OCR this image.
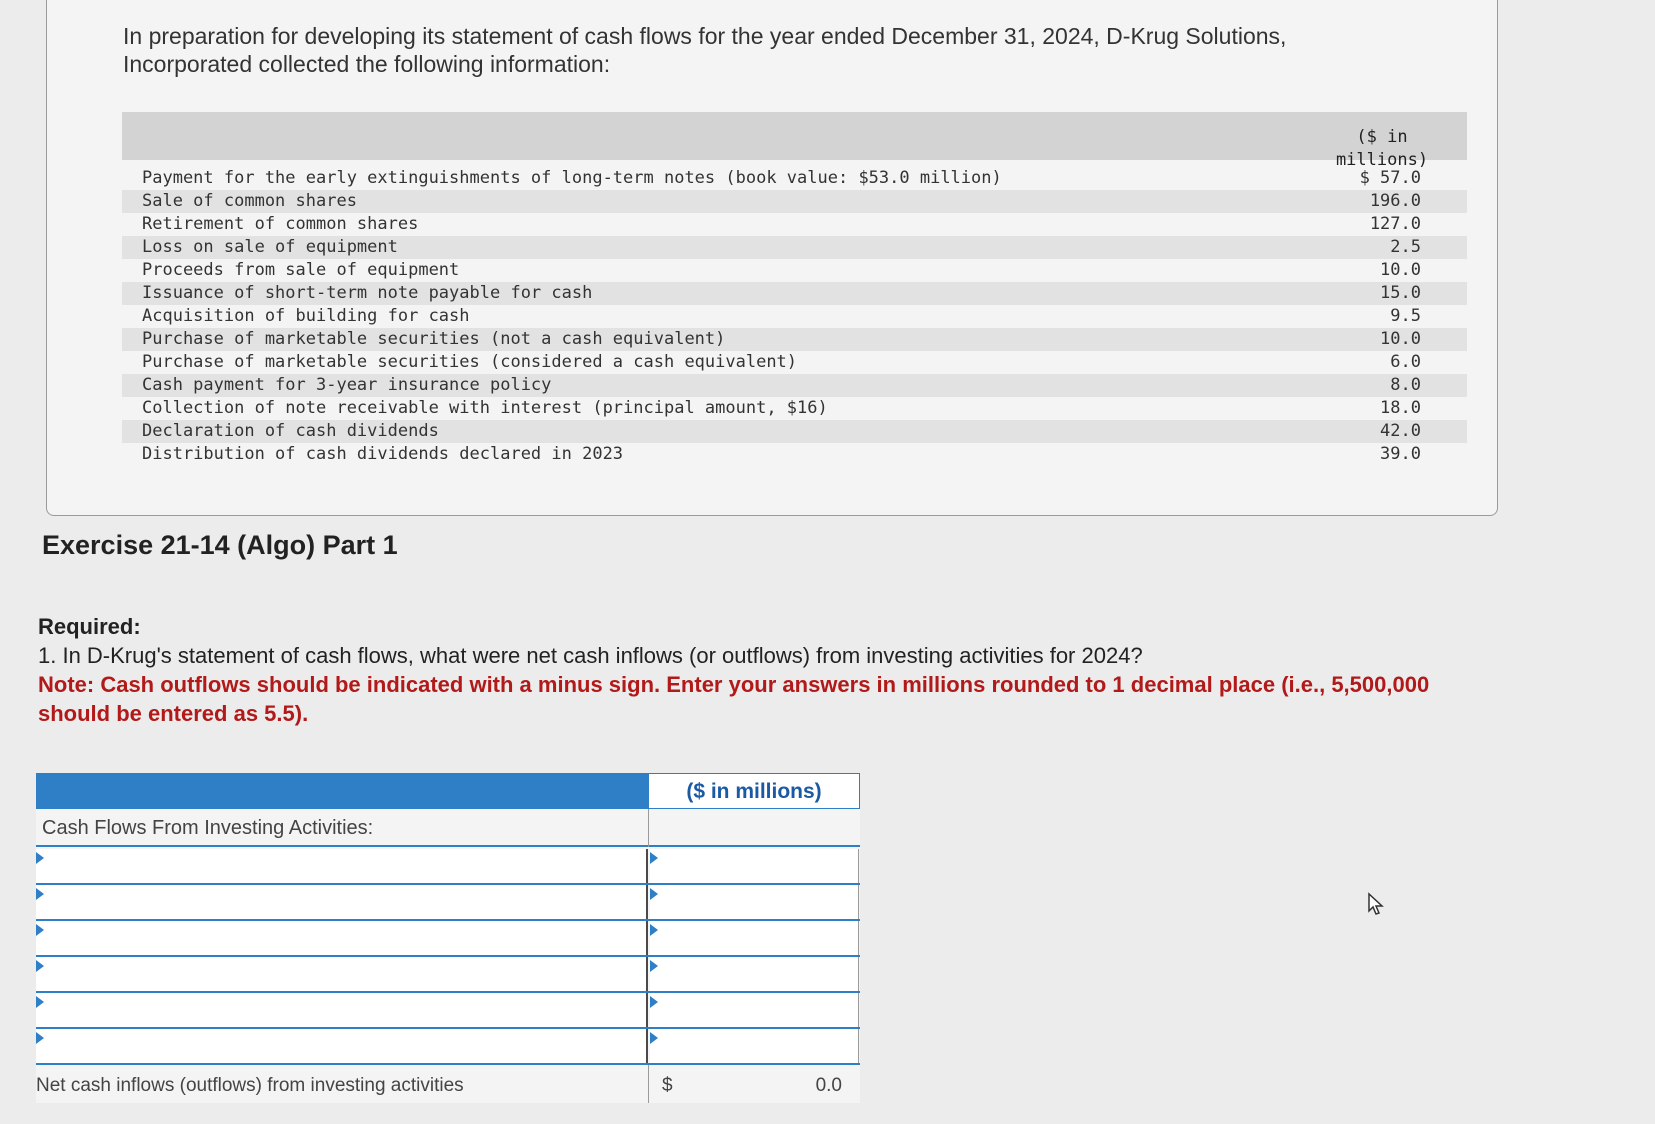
In preparation for developing its statement of cash flows for the year ended December 31, 2024, D-Krug Solutions, Incorporated collected the following information:
($ in millions)
Payment for the early extinguishments of long-term notes (book value: $53.0 million)	$ 57.0
Sale of common shares	196.0
Retirement of common shares	127.0
Loss on sale of equipment	2.5
Proceeds from sale of equipment	10.0
Issuance of short-term note payable for cash	15.0
Acquisition of building for cash	9.5
Purchase of marketable securities (not a cash equivalent)	10.0
Purchase of marketable securities (considered a cash equivalent)	6.0
Cash payment for 3-year insurance policy	8.0
Collection of note receivable with interest (principal amount, $16)	18.0
Declaration of cash dividends	42.0
Distribution of cash dividends declared in 2023	39.0
Exercise 21-14 (Algo) Part 1
Required:
1. In D-Krug's statement of cash flows, what were net cash inflows (or outflows) from investing activities for 2024?
Note: Cash outflows should be indicated with a minus sign. Enter your answers in millions rounded to 1 decimal place (i.e., 5,500,000 should be entered as 5.5).
($ in millions)
Cash Flows From Investing Activities:
Net cash inflows (outflows) from investing activities	$	0.0
